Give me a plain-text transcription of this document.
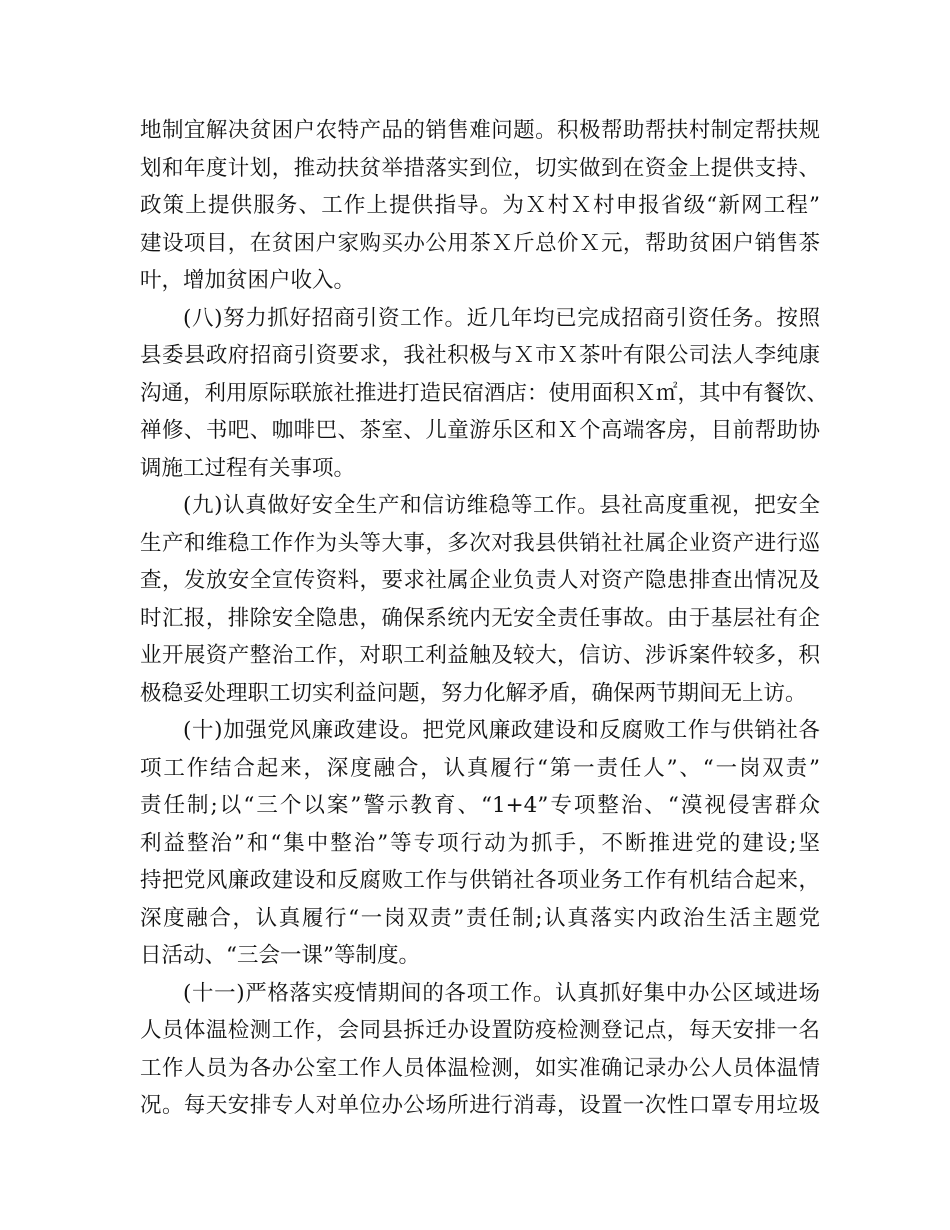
地制宜解决贫困户农特产品的销售难问题。积极帮助帮扶村制定帮扶规
划和年度计划，推动扶贫举措落实到位，切实做到在资金上提供支持、
政策上提供服务、工作上提供指导。为Ｘ村Ｘ村申报省级“新网工程”
建设项目，在贫困户家购买办公用茶Ｘ斤总价Ｘ元，帮助贫困户销售茶
叶，增加贫困户收入。
(八)努力抓好招商引资工作。近几年均已完成招商引资任务。按照
县委县政府招商引资要求，我社积极与Ｘ市Ｘ茶叶有限公司法人李纯康
沟通，利用原际联旅社推进打造民宿酒店：使用面积Ｘ㎡，其中有餐饮、
禅修、书吧、咖啡巴、茶室、儿童游乐区和Ｘ个高端客房，目前帮助协
调施工过程有关事项。
(九)认真做好安全生产和信访维稳等工作。县社高度重视，把安全
生产和维稳工作作为头等大事，多次对我县供销社社属企业资产进行巡
查，发放安全宣传资料，要求社属企业负责人对资产隐患排查出情况及
时汇报，排除安全隐患，确保系统内无安全责任事故。由于基层社有企
业开展资产整治工作，对职工利益触及较大，信访、涉诉案件较多，积
极稳妥处理职工切实利益问题，努力化解矛盾，确保两节期间无上访。
(十)加强党风廉政建设。把党风廉政建设和反腐败工作与供销社各
项工作结合起来，深度融合，认真履行“第一责任人”、“一岗双责”
责任制;以“三个以案”警示教育、“1+4”专项整治、“漠视侵害群众
利益整治”和“集中整治”等专项行动为抓手，不断推进党的建设;坚
持把党风廉政建设和反腐败工作与供销社各项业务工作有机结合起来，
深度融合，认真履行“一岗双责”责任制;认真落实内政治生活主题党
日活动、“三会一课”等制度。
(十一)严格落实疫情期间的各项工作。认真抓好集中办公区域进场
人员体温检测工作，会同县拆迁办设置防疫检测登记点，每天安排一名
工作人员为各办公室工作人员体温检测，如实准确记录办公人员体温情
况。每天安排专人对单位办公场所进行消毒，设置一次性口罩专用垃圾
